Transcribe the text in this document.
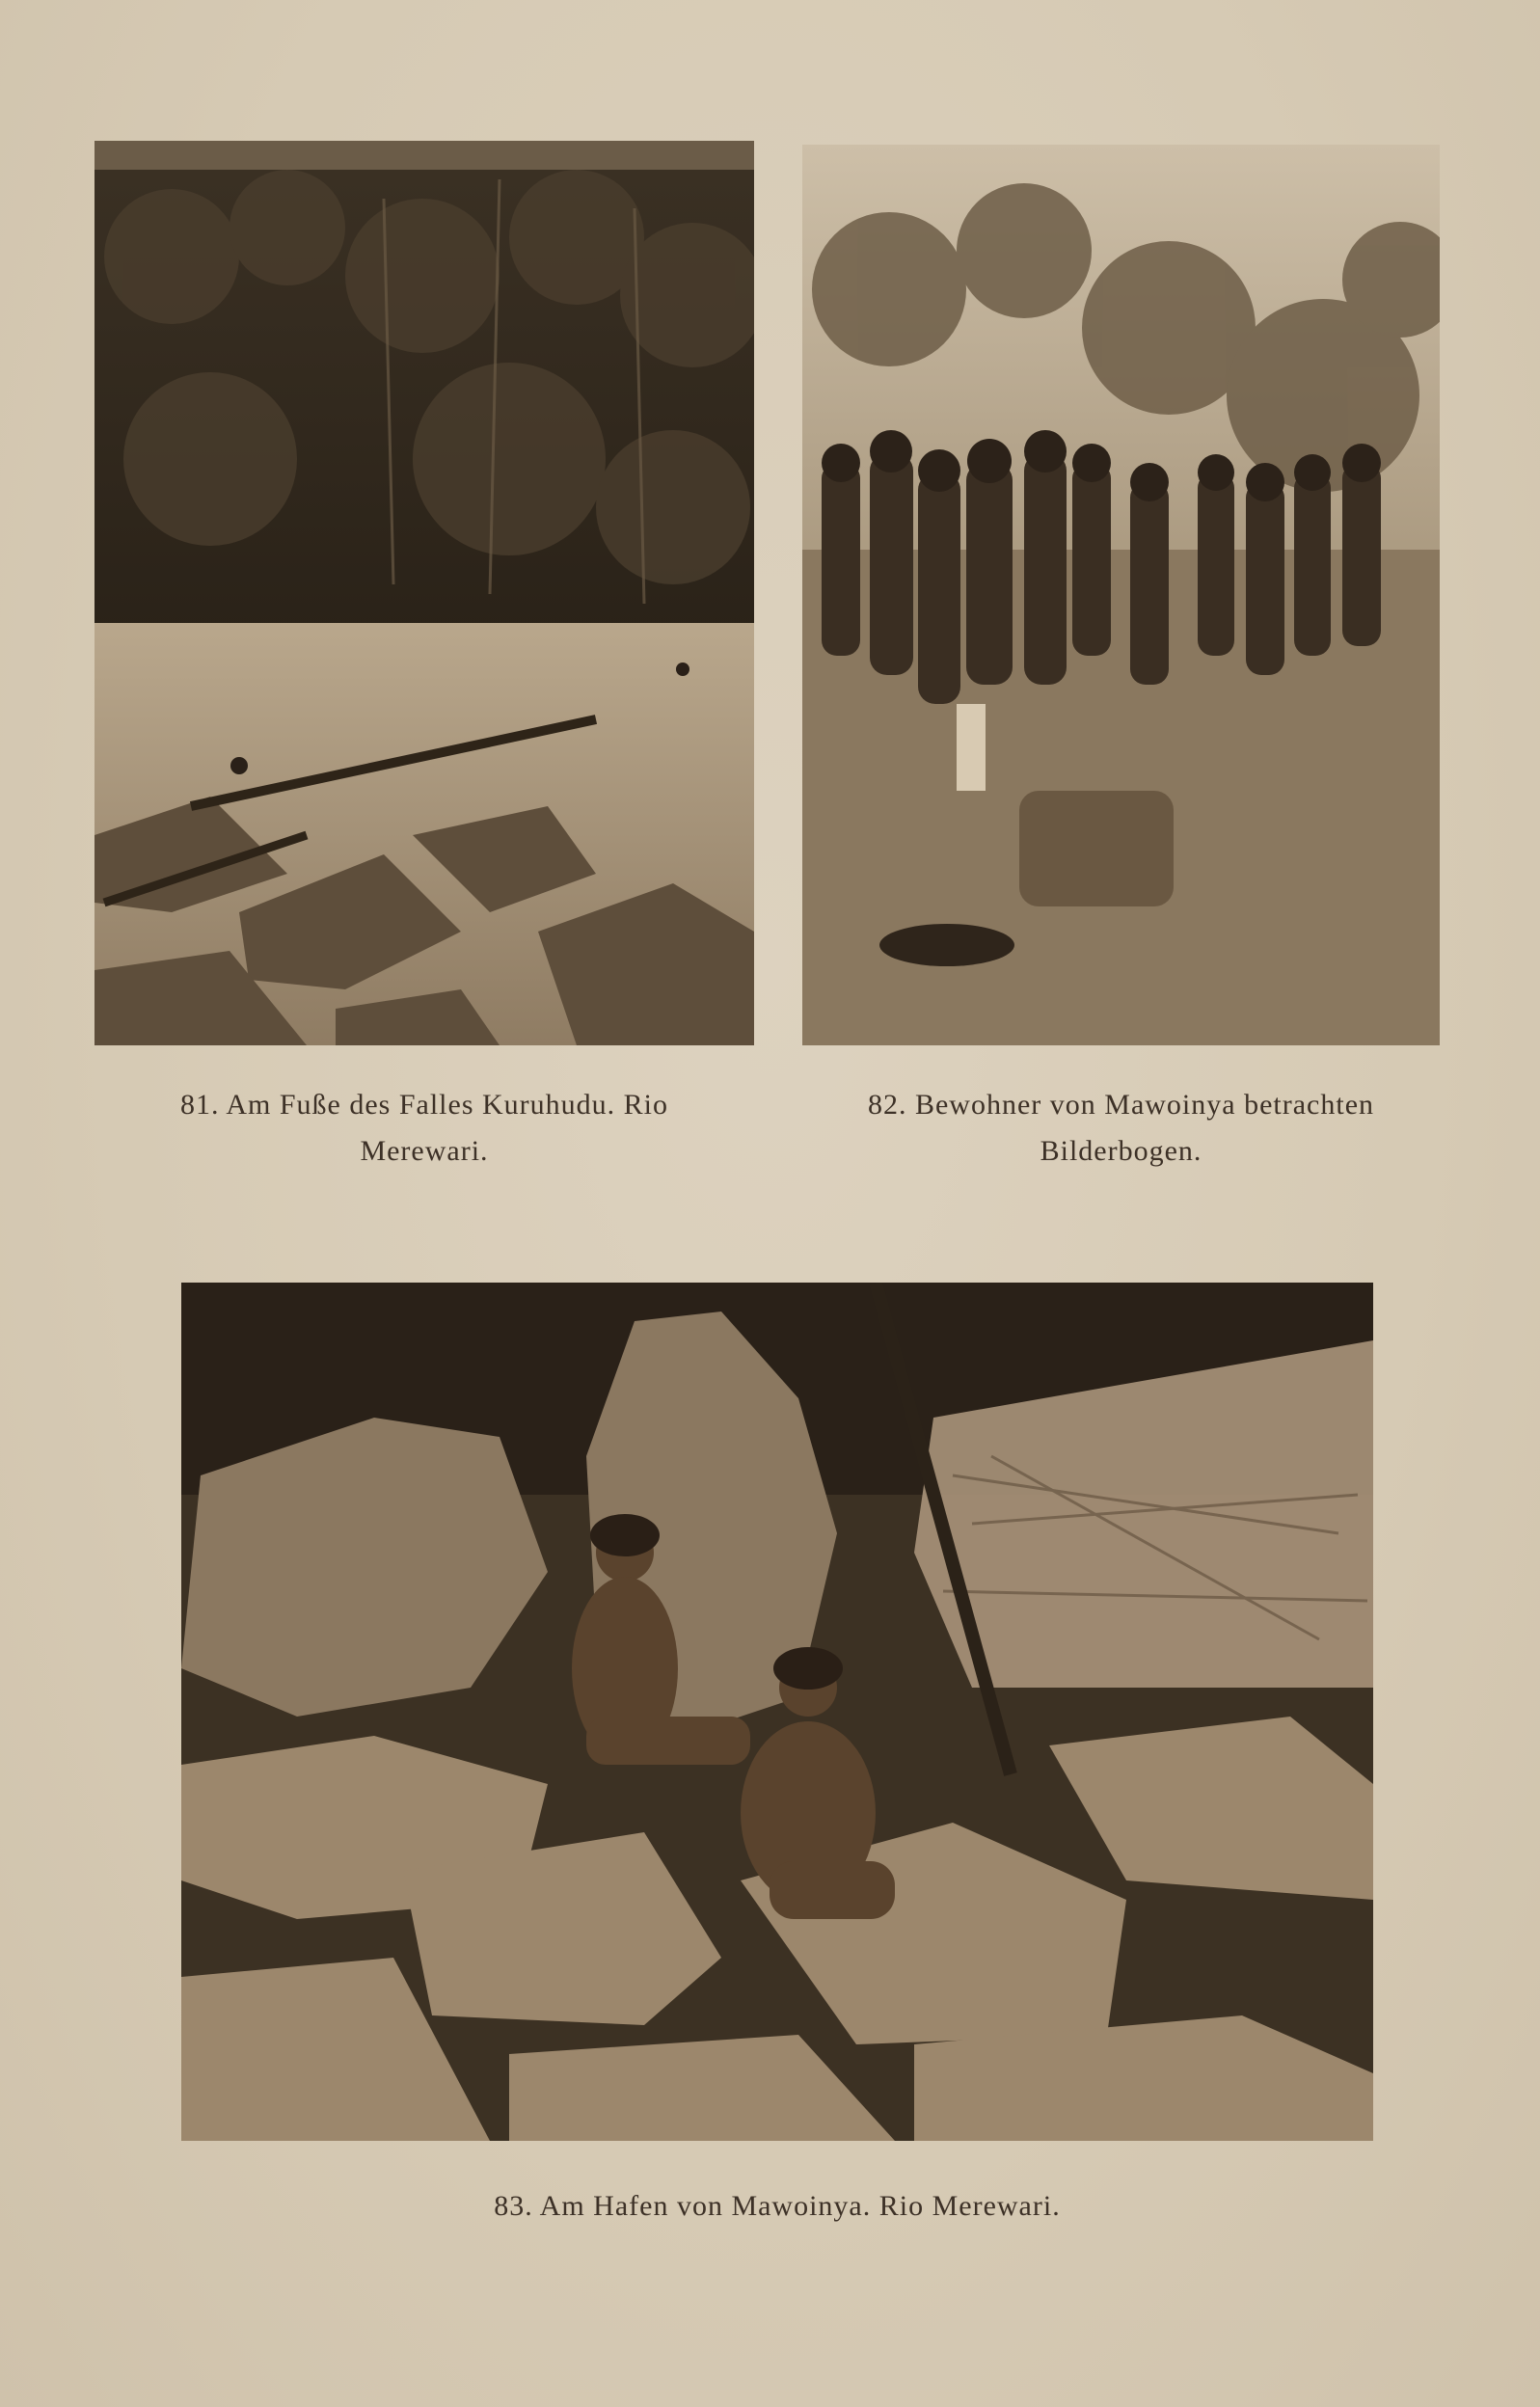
81. Am Fuße des Falles Kuruhudu. Rio
Merewari.
82. Bewohner von Mawoinya betrachten
Bilderbogen.
83. Am Hafen von Mawoinya. Rio Merewari.
